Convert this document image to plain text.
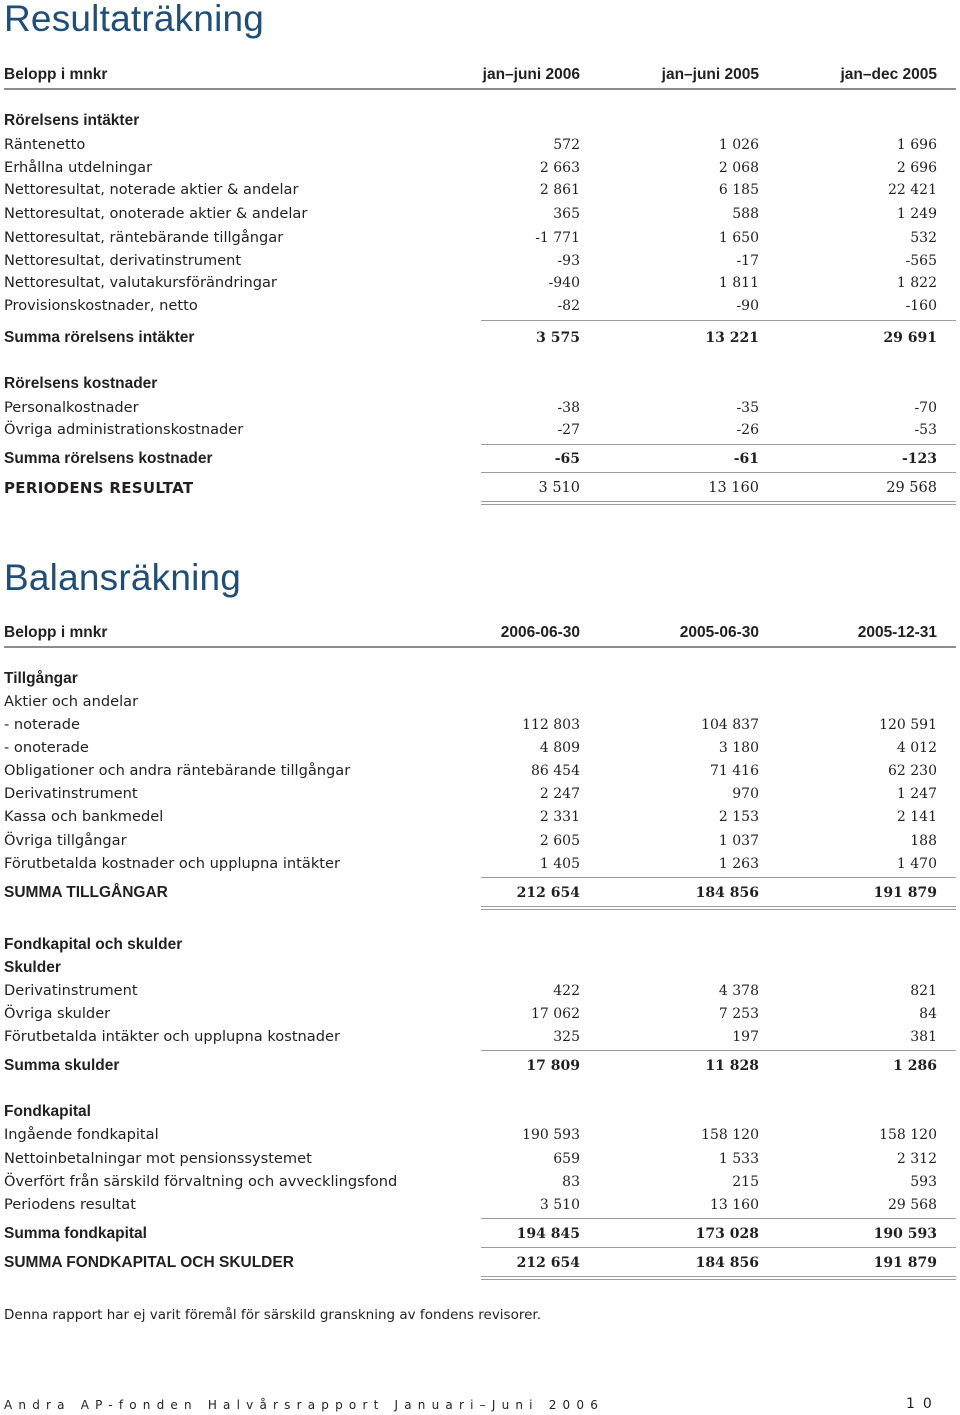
Resultaträkning
Belopp i mnkr	jan–juni 2006	jan–juni 2005	jan–dec 2005
Rörelsens intäkter
Räntenetto	572	1 026	1 696
Erhållna utdelningar	2 663	2 068	2 696
Nettoresultat, noterade aktier & andelar	2 861	6 185	22 421
Nettoresultat, onoterade aktier & andelar	365	588	1 249
Nettoresultat, räntebärande tillgångar	-1 771	1 650	532
Nettoresultat, derivatinstrument	-93	-17	-565
Nettoresultat, valutakursförändringar	-940	1 811	1 822
Provisionskostnader, netto	-82	-90	-160
Summa rörelsens intäkter	3 575	13 221	29 691
Rörelsens kostnader
Personalkostnader	-38	-35	-70
Övriga administrationskostnader	-27	-26	-53
Summa rörelsens kostnader	-65	-61	-123
PERIODENS RESULTAT	3 510	13 160	29 568
Balansräkning
Belopp i mnkr	2006-06-30	2005-06-30	2005-12-31
Tillgångar
Aktier och andelar
- noterade	112 803	104 837	120 591
- onoterade	4 809	3 180	4 012
Obligationer och andra räntebärande tillgångar	86 454	71 416	62 230
Derivatinstrument	2 247	970	1 247
Kassa och bankmedel	2 331	2 153	2 141
Övriga tillgångar	2 605	1 037	188
Förutbetalda kostnader och upplupna intäkter	1 405	1 263	1 470
SUMMA TILLGÅNGAR	212 654	184 856	191 879
Fondkapital och skulder
Skulder
Derivatinstrument	422	4 378	821
Övriga skulder	17 062	7 253	84
Förutbetalda intäkter och upplupna kostnader	325	197	381
Summa skulder	17 809	11 828	1 286
Fondkapital
Ingående fondkapital	190 593	158 120	158 120
Nettoinbetalningar mot pensionssystemet	659	1 533	2 312
Överfört från särskild förvaltning och avvecklingsfond	83	215	593
Periodens resultat	3 510	13 160	29 568
Summa fondkapital	194 845	173 028	190 593
SUMMA FONDKAPITAL OCH SKULDER	212 654	184 856	191 879
Denna rapport har ej varit föremål för särskild granskning av fondens revisorer.
Andra AP-fonden Halvårsrapport Januari–Juni 2006	10
